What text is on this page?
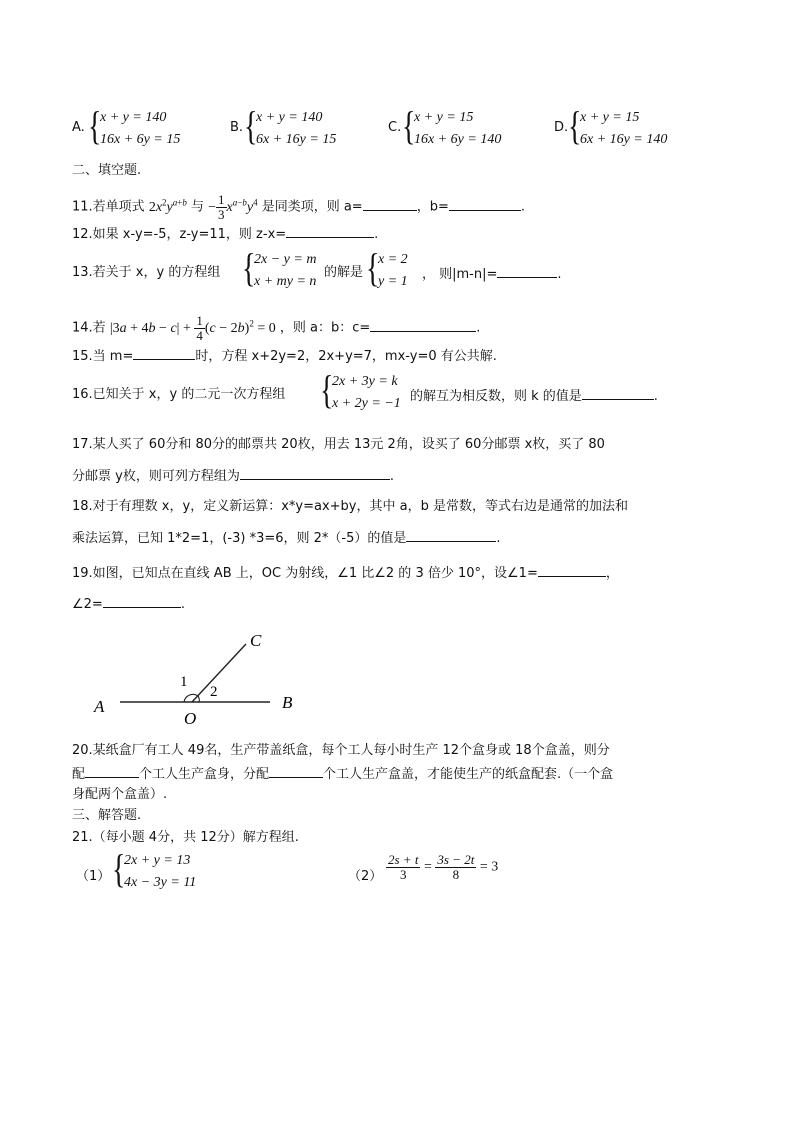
A. {
x + y = 140
16x + 6y = 15
B. {
x + y = 140
6x + 16y = 15
C. {
x + y = 15
16x + 6y = 140
D. {
x + y = 15
6x + 16y = 140
二、填空题.
11.若单项式 $2x^2y^{a+b}$ 与 − $\frac{1}{3} x^{a-b}y^4$ 是同类项，则 a=	，b=	.
12.如果 x-y=-5，z-y=11，则 z-x=	.
13.若关于 x，y 的方程组 {
2x − y = m
x + my = n
的解是 {
x = 2
y = 1 ， 则|m-n|=	.
14.若 $|3a + 4b - c| + \frac{1}{4} (c - 2b)^2 = 0$ ，则 a：b：c=	.
15.当 m=	时，方程 x+2y=2，2x+y=7，mx-y=0 有公共解.
16.已知关于 x，y 的二元一次方程组 {
2x + 3y = k
x + 2y = −1 的解互为相反数，则 k 的值是	.
17.某人买了 60分和 80分的邮票共 20枚，用去 13元 2角，设买了 60分邮票 x枚，买了 80
分邮票 y枚，则可列方程组为	.
18.对于有理数 x，y，定义新运算：x*y=ax+by，其中 a，b 是常数，等式右边是通常的加法和
乘法运算，已知 1*2=1，(-3) *3=6，则 2*（-5）的值是	.
19.如图，已知点在直线 AB 上，OC 为射线，∠1 比∠2 的 3 倍少 10°，设∠1=	，
∠2=	.
A	B
O
C
1
2
20.某纸盒厂有工人 49名，生产带盖纸盒，每个工人每小时生产 12个盒身或 18个盒盖，则分
配	个工人生产盒身，分配	个工人生产盒盖，才能使生产的纸盒配套.（一个盒
身配两个盒盖）.
三、解答题.
21.（每小题 4分，共 12分）解方程组.
（1） {
2x + y = 13
4x − 3y = 11	$(2) \frac{2s + t}{3} = \frac{3s - 2t}{8} = 3$
